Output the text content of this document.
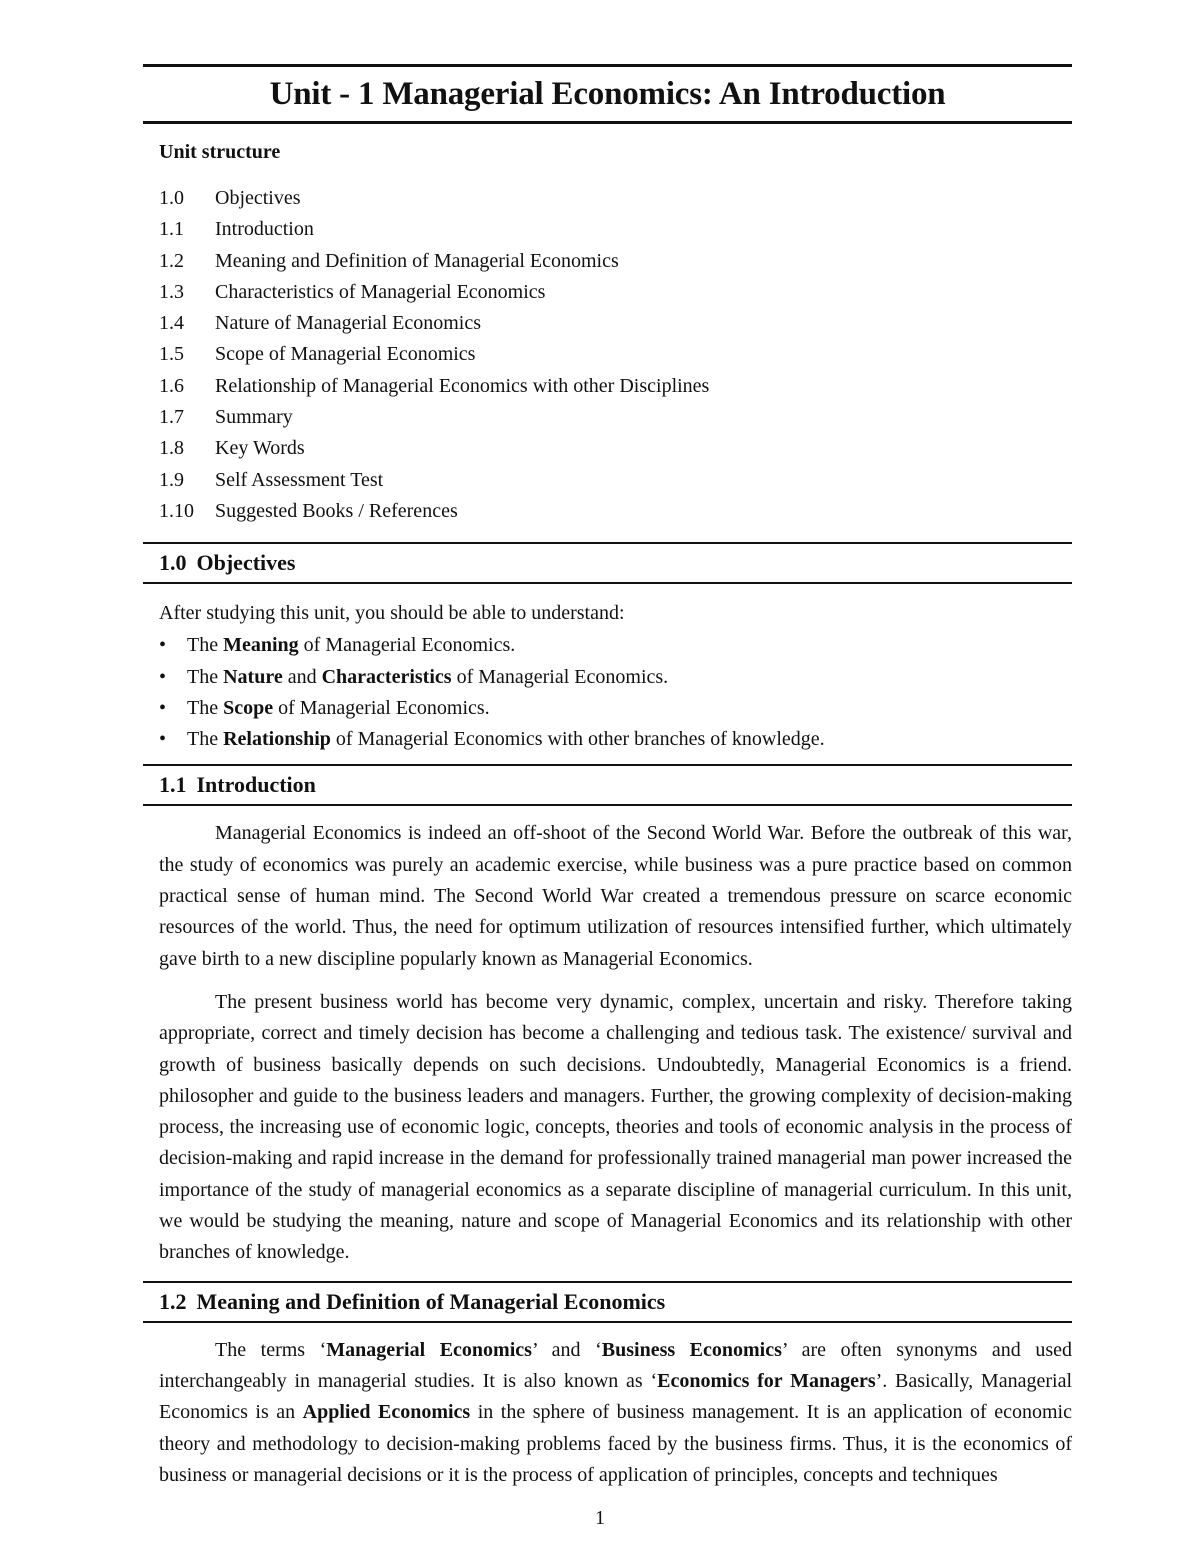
Unit - 1 Managerial Economics: An Introduction
Unit structure
1.0	Objectives
1.1	Introduction
1.2	Meaning and Definition of Managerial Economics
1.3	Characteristics of Managerial Economics
1.4	Nature of Managerial Economics
1.5	Scope of Managerial Economics
1.6	Relationship of Managerial Economics with other Disciplines
1.7	Summary
1.8	Key Words
1.9	Self Assessment Test
1.10	Suggested Books / References
1.0 Objectives
After studying this unit, you should be able to understand:
•	The Meaning of Managerial Economics.
•	The Nature and Characteristics of Managerial Economics.
•	The Scope of Managerial Economics.
•	The Relationship of Managerial Economics with other branches of knowledge.
1.1 Introduction

Managerial Economics is indeed an off-shoot of the Second World War. Before the outbreak of this war, the study of economics was purely an academic exercise, while business was a pure practice based on common practical sense of human mind. The Second World War created a tremendous pressure on scarce economic resources of the world. Thus, the need for optimum utilization of resources intensified further, which ultimately gave birth to a new discipline popularly known as Managerial Economics.

The present business world has become very dynamic, complex, uncertain and risky. Therefore taking appropriate, correct and timely decision has become a challenging and tedious task. The existence/ survival and growth of business basically depends on such decisions. Undoubtedly, Managerial Economics is a friend. philosopher and guide to the business leaders and managers. Further, the growing complexity of decision-making process, the increasing use of economic logic, concepts, theories and tools of economic analysis in the process of decision-making and rapid increase in the demand for professionally trained managerial man power increased the importance of the study of managerial economics as a separate discipline of managerial curriculum. In this unit, we would be studying the meaning, nature and scope of Managerial Economics and its relationship with other branches of knowledge.

1.2 Meaning and Definition of Managerial Economics

The terms ‘Managerial Economics’ and ‘Business Economics’ are often synonyms and used interchangeably in managerial studies. It is also known as ‘Economics for Managers’. Basically, Managerial Economics is an Applied Economics in the sphere of business management. It is an application of economic theory and methodology to decision-making problems faced by the business firms. Thus, it is the economics of business or managerial decisions or it is the process of application of principles, concepts and techniques

1
